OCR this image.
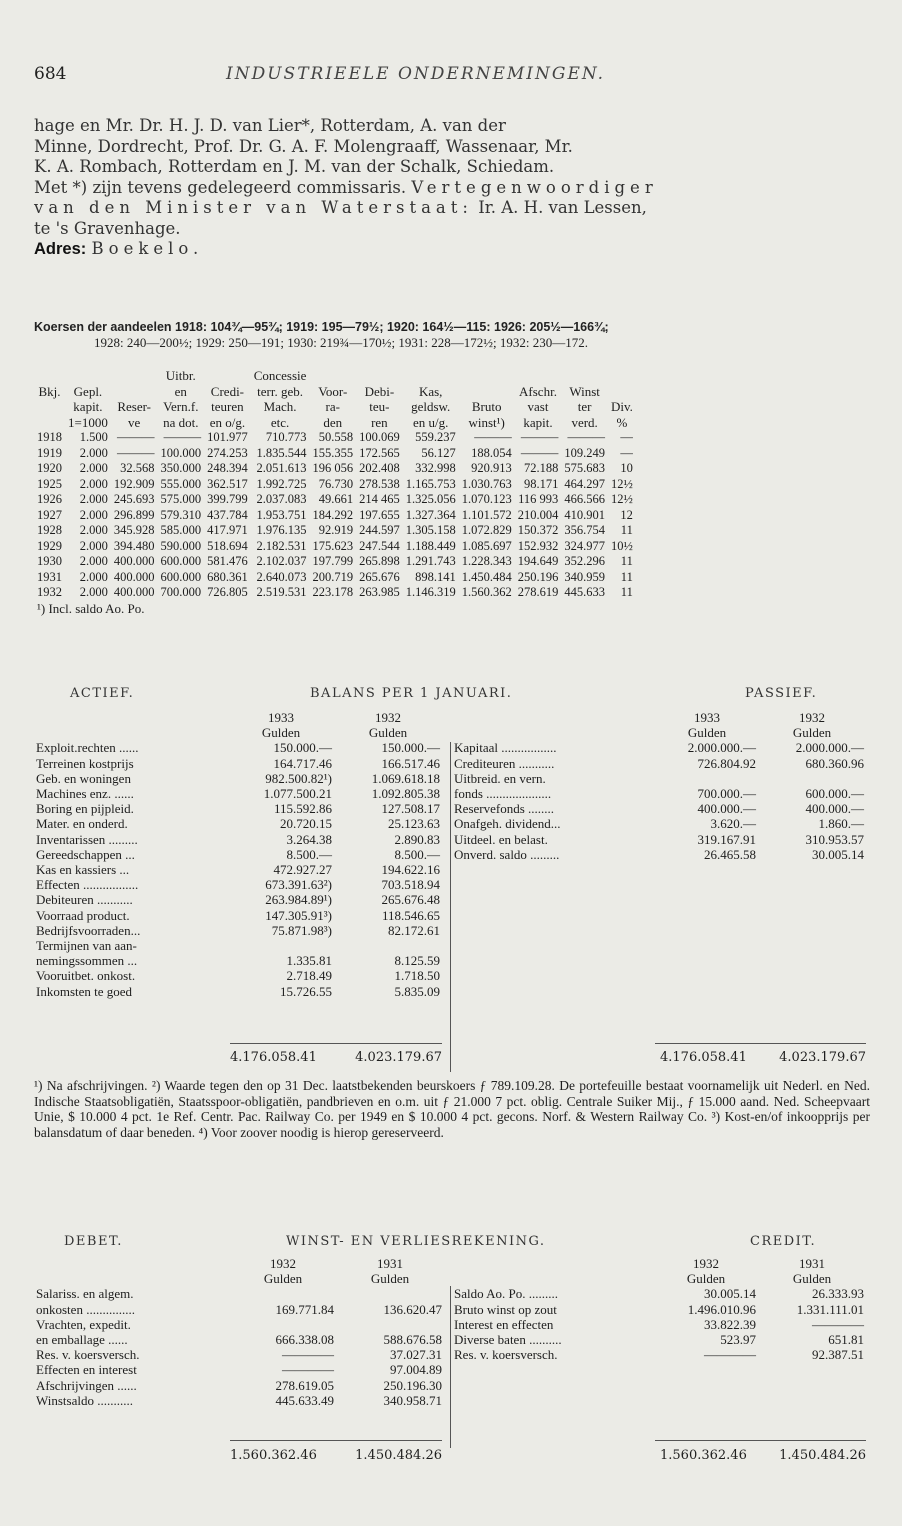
684	INDUSTRIEELE ONDERNEMINGEN.

hage en Mr. Dr. H. J. D. van Lier*, Rotterdam, A. van der

Minne, Dordrecht, Prof. Dr. G. A. F. Molengraaff, Wassenaar, Mr.

K. A. Rombach, Rotterdam en J. M. van der Schalk, Schiedam.

Met *) zijn tevens gedelegeerd commissaris. Vertegenwoordiger

van den Minister van Waterstaat: Ir. A. H. van Lessen,

te 's Gravenhage.

Adres: Boekelo.

Koersen der aandeelen 1918: 104¾—95¾; 1919: 195—79½; 1920: 164½—115: 1926: 205½—166¾;
1928: 240—200½; 1929: 250—191; 1930: 219¾—170½; 1931: 228—172½; 1932: 230—172.
			Uitbr.		Concessie							
Bkj.	Gepl.		en	Credi-	terr. geb.	Voor-	Debi-	Kas,		Afschr.	Winst	
	kapit.	Reser-	Vern.f.	teuren	Mach.	ra-	teu-	geldsw.	Bruto	vast	ter	Div.
	1=1000	ve	na dot.	en o/g.	etc.	den	ren	en u/g.	winst¹)	kapit.	verd.	%
1918	1.500	———	———	101.977	710.773	50.558	100.069	559.237	———	———	———	—
1919	2.000	———	100.000	274.253	1.835.544	155.355	172.565	56.127	188.054	———	109.249	—
1920	2.000	32.568	350.000	248.394	2.051.613	196 056	202.408	332.998	920.913	72.188	575.683	10
1925	2.000	192.909	555.000	362.517	1.992.725	76.730	278.538	1.165.753	1.030.763	98.171	464.297	12½
1926	2.000	245.693	575.000	399.799	2.037.083	49.661	214 465	1.325.056	1.070.123	116 993	466.566	12½
1927	2.000	296.899	579.310	437.784	1.953.751	184.292	197.655	1.327.364	1.101.572	210.004	410.901	12
1928	2.000	345.928	585.000	417.971	1.976.135	92.919	244.597	1.305.158	1.072.829	150.372	356.754	11
1929	2.000	394.480	590.000	518.694	2.182.531	175.623	247.544	1.188.449	1.085.697	152.932	324.977	10½
1930	2.000	400.000	600.000	581.476	2.102.037	197.799	265.898	1.291.743	1.228.343	194.649	352.296	11
1931	2.000	400.000	600.000	680.361	2.640.073	200.719	265.676	898.141	1.450.484	250.196	340.959	11
1932	2.000	400.000	700.000	726.805	2.519.531	223.178	263.985	1.146.319	1.560.362	278.619	445.633	11
¹) Incl. saldo Ao. Po.												
ACTIEF.	BALANS PER 1 JANUARI.	PASSIEF.
	1933	1932
	Gulden	Gulden
Exploit.rechten ......	150.000.—	150.000.—
Terreinen kostprijs	164.717.46	166.517.46
Geb. en woningen	982.500.82¹)	1.069.618.18
Machines enz. ......	1.077.500.21	1.092.805.38
Boring en pijpleid.	115.592.86	127.508.17
Mater. en onderd.	20.720.15	25.123.63
Inventarissen .........	3.264.38	2.890.83
Gereedschappen ...	8.500.—	8.500.—
Kas en kassiers ...	472.927.27	194.622.16
Effecten .................	673.391.63²)	703.518.94
Debiteuren ...........	263.984.89¹)	265.676.48
Voorraad product.	147.305.91³)	118.546.65
Bedrijfsvoorraden...	75.871.98³)	82.172.61
Termijnen van aan-		
nemingssommen ...	1.335.81	8.125.59
Vooruitbet. onkost.	2.718.49	1.718.50
Inkomsten te goed	15.726.55	5.835.09
	1933	1932
	Gulden	Gulden
Kapitaal .................	2.000.000.—	2.000.000.—
Crediteuren ...........	726.804.92	680.360.96
Uitbreid. en vern.		
fonds ....................	700.000.—	600.000.—
Reservefonds ........	400.000.—	400.000.—
Onafgeh. dividend...	3.620.—	1.860.—
Uitdeel. en belast.	319.167.91	310.953.57
Onverd. saldo .........	26.465.58	30.005.14
4.176.058.41	4.023.179.67	4.176.058.41 4.023.179.67

¹) Na afschrijvingen. ²) Waarde tegen den op 31 Dec. laatstbekenden beurskoers ƒ 789.109.28. De portefeuille bestaat voornamelijk uit Nederl. en Ned. Indische Staatsobligatiën, Staatsspoor-obligatiën, pandbrieven en o.m. uit ƒ 21.000 7 pct. oblig. Centrale Suiker Mij., ƒ 15.000 aand. Ned. Scheepvaart Unie, $ 10.000 4 pct. 1e Ref. Centr. Pac. Railway Co. per 1949 en $ 10.000 4 pct. gecons. Norf. & Western Railway Co. ³) Kost-en/of inkoopprijs per balansdatum of daar beneden. ⁴) Voor zoover noodig is hierop gereserveerd.

DEBET.	WINST- EN VERLIESREKENING.	CREDIT.
	1932	1931
	Gulden	Gulden
Salariss. en algem.		
onkosten ...............	169.771.84	136.620.47
Vrachten, expedit.		
en emballage ......	666.338.08	588.676.58
Res. v. koersversch.	————	37.027.31
Effecten en interest	————	97.004.89
Afschrijvingen ......	278.619.05	250.196.30
Winstsaldo ...........	445.633.49	340.958.71
	1932	1931
	Gulden	Gulden
Saldo Ao. Po. .........	30.005.14	26.333.93
Bruto winst op zout	1.496.010.96	1.331.111.01
Interest en effecten	33.822.39	————
Diverse baten ..........	523.97	651.81
Res. v. koersversch.	————	92.387.51
1.560.362.46	1.450.484.26	1.560.362.46 1.450.484.26
